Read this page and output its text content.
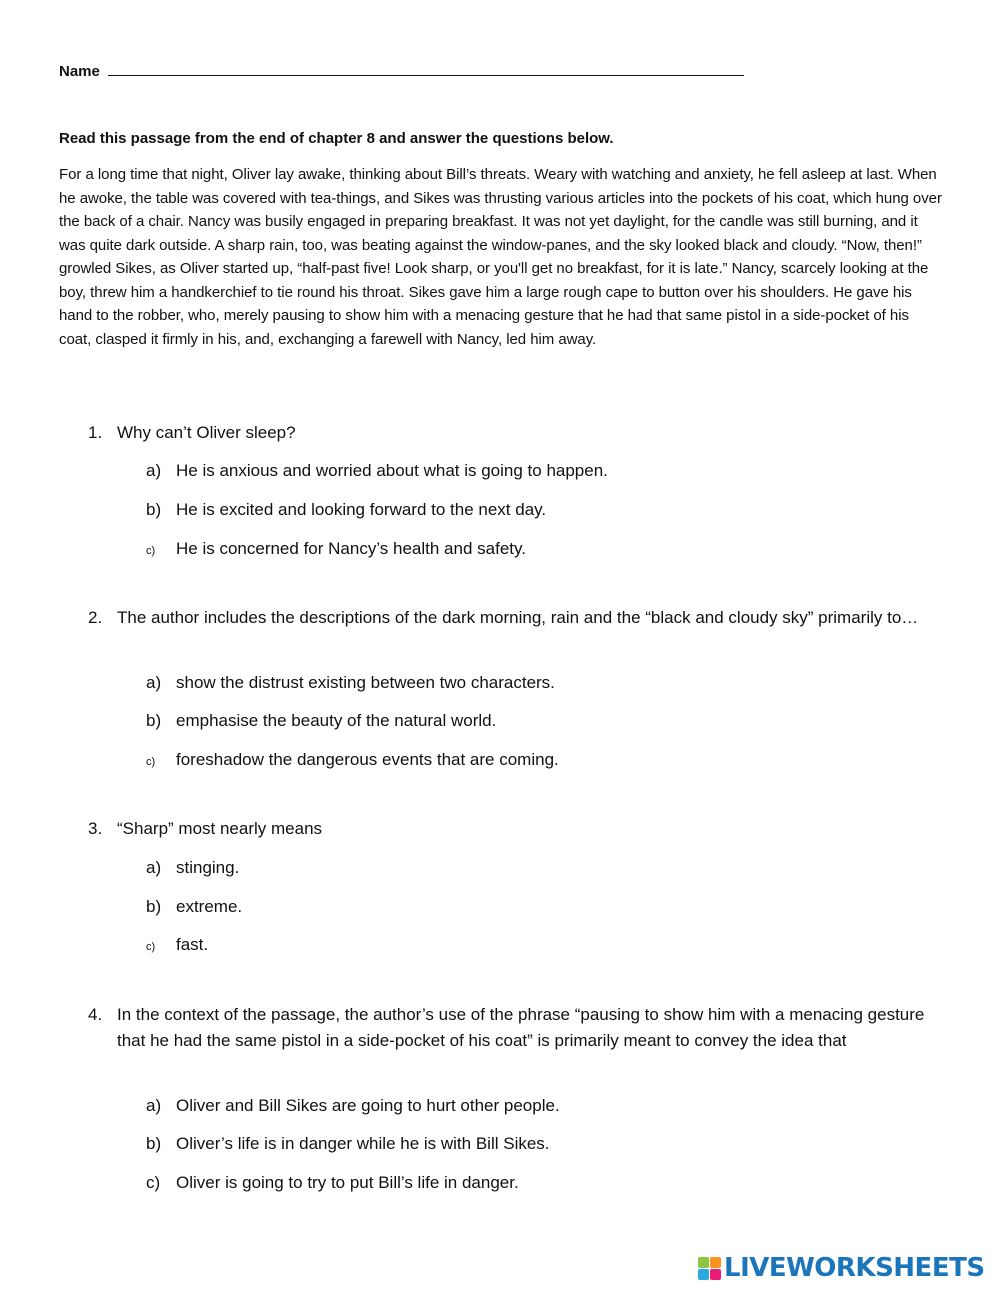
Name
Read this passage from the end of chapter 8 and answer the questions below.

For a long time that night, Oliver lay awake, thinking about Bill’s threats. Weary with watching and anxiety, he fell asleep at last. When he awoke, the table was covered with tea-things, and Sikes was thrusting various articles into the pockets of his coat, which hung over the back of a chair. Nancy was busily engaged in preparing breakfast. It was not yet daylight, for the candle was still burning, and it was quite dark outside. A sharp rain, too, was beating against the window-panes, and the sky looked black and cloudy. “Now, then!” growled Sikes, as Oliver started up, “half-past five! Look sharp, or you'll get no breakfast, for it is late.” Nancy, scarcely looking at the boy, threw him a handkerchief to tie round his throat. Sikes gave him a large rough cape to button over his shoulders. He gave his hand to the robber, who, merely pausing to show him with a menacing gesture that he had that same pistol in a side-pocket of his coat, clasped it firmly in his, and, exchanging a farewell with Nancy, led him away.

1. Why can’t Oliver sleep?
a) He is anxious and worried about what is going to happen.
b) He is excited and looking forward to the next day.
c) He is concerned for Nancy’s health and safety.
2. The author includes the descriptions of the dark morning, rain and the “black and cloudy sky” primarily to…
a) show the distrust existing between two characters.
b) emphasise the beauty of the natural world.
c) foreshadow the dangerous events that are coming.
3. “Sharp” most nearly means
a) stinging.
b) extreme.
c) fast.
4. In the context of the passage, the author’s use of the phrase “pausing to show him with a menacing gesture that he had the same pistol in a side-pocket of his coat” is primarily meant to convey the idea that
a) Oliver and Bill Sikes are going to hurt other people.
b) Oliver’s life is in danger while he is with Bill Sikes.
c) Oliver is going to try to put Bill’s life in danger.
LIVEWORKSHEETS
